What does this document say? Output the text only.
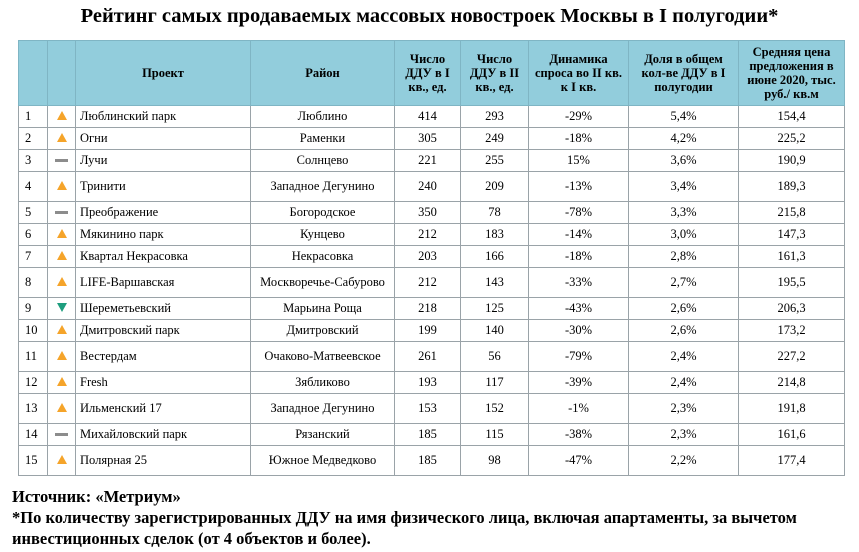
Рейтинг самых продаваемых массовых новостроек Москвы в I полугодии*
		Проект	Район	Число ДДУ в I кв., ед.	Число ДДУ в II кв., ед.	Динамика спроса во II кв. к I кв.	Доля в общем кол-ве ДДУ в I полугодии	Средняя цена предложения в июне 2020, тыс. руб./ кв.м
1		Люблинский парк	Люблино	414	293	-29%	5,4%	154,4
2		Огни	Раменки	305	249	-18%	4,2%	225,2
3		Лучи	Солнцево	221	255	15%	3,6%	190,9
4		Тринити	Западное Дегунино	240	209	-13%	3,4%	189,3
5		Преображение	Богородское	350	78	-78%	3,3%	215,8
6		Мякинино парк	Кунцево	212	183	-14%	3,0%	147,3
7		Квартал Некрасовка	Некрасовка	203	166	-18%	2,8%	161,3
8		LIFE-Варшавская	Москворечье-Сабурово	212	143	-33%	2,7%	195,5
9		Шереметьевский	Марьина Роща	218	125	-43%	2,6%	206,3
10		Дмитровский парк	Дмитровский	199	140	-30%	2,6%	173,2
11		Вестердам	Очаково-Матвеевское	261	56	-79%	2,4%	227,2
12		Fresh	Зябликово	193	117	-39%	2,4%	214,8
13		Ильменский 17	Западное Дегунино	153	152	-1%	2,3%	191,8
14		Михайловский парк	Рязанский	185	115	-38%	2,3%	161,6
15		Полярная 25	Южное Медведково	185	98	-47%	2,2%	177,4
Источник: «Метриум»
*По количеству зарегистрированных ДДУ на имя физического лица, включая апартаменты, за вычетом инвестиционных сделок (от 4 объектов и более).
